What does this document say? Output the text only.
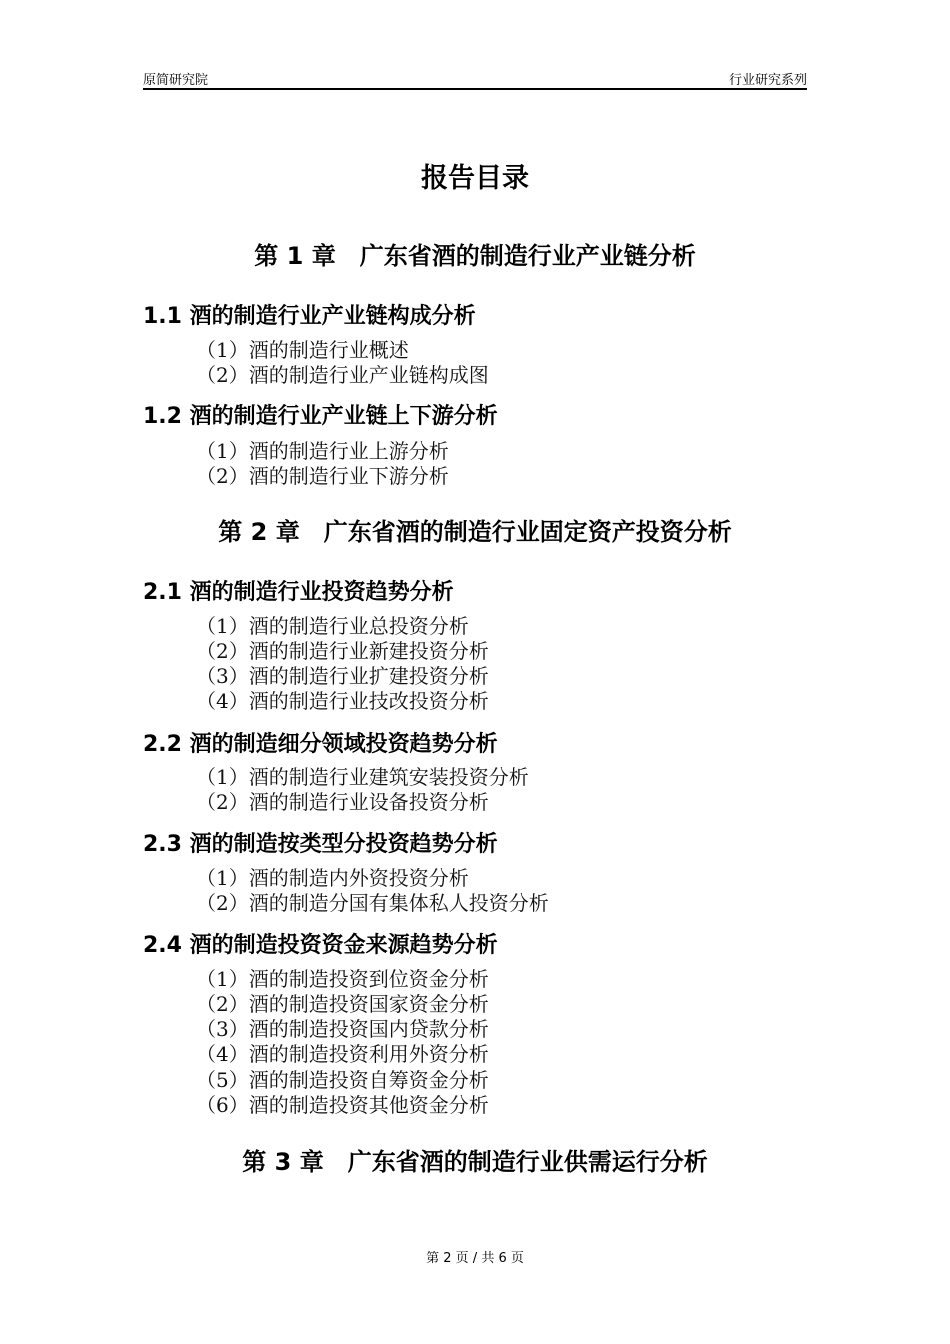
原简研究院	行业研究系列
报告目录
第 1 章　广东省酒的制造行业产业链分析
1.1 酒的制造行业产业链构成分析
（1）酒的制造行业概述
（2）酒的制造行业产业链构成图
1.2 酒的制造行业产业链上下游分析
（1）酒的制造行业上游分析
（2）酒的制造行业下游分析
第 2 章　广东省酒的制造行业固定资产投资分析
2.1 酒的制造行业投资趋势分析
（1）酒的制造行业总投资分析
（2）酒的制造行业新建投资分析
（3）酒的制造行业扩建投资分析
（4）酒的制造行业技改投资分析
2.2 酒的制造细分领域投资趋势分析
（1）酒的制造行业建筑安装投资分析
（2）酒的制造行业设备投资分析
2.3 酒的制造按类型分投资趋势分析
（1）酒的制造内外资投资分析
（2）酒的制造分国有集体私人投资分析
2.4 酒的制造投资资金来源趋势分析
（1）酒的制造投资到位资金分析
（2）酒的制造投资国家资金分析
（3）酒的制造投资国内贷款分析
（4）酒的制造投资利用外资分析
（5）酒的制造投资自筹资金分析
（6）酒的制造投资其他资金分析
第 3 章　广东省酒的制造行业供需运行分析
第 2 页 / 共 6 页
